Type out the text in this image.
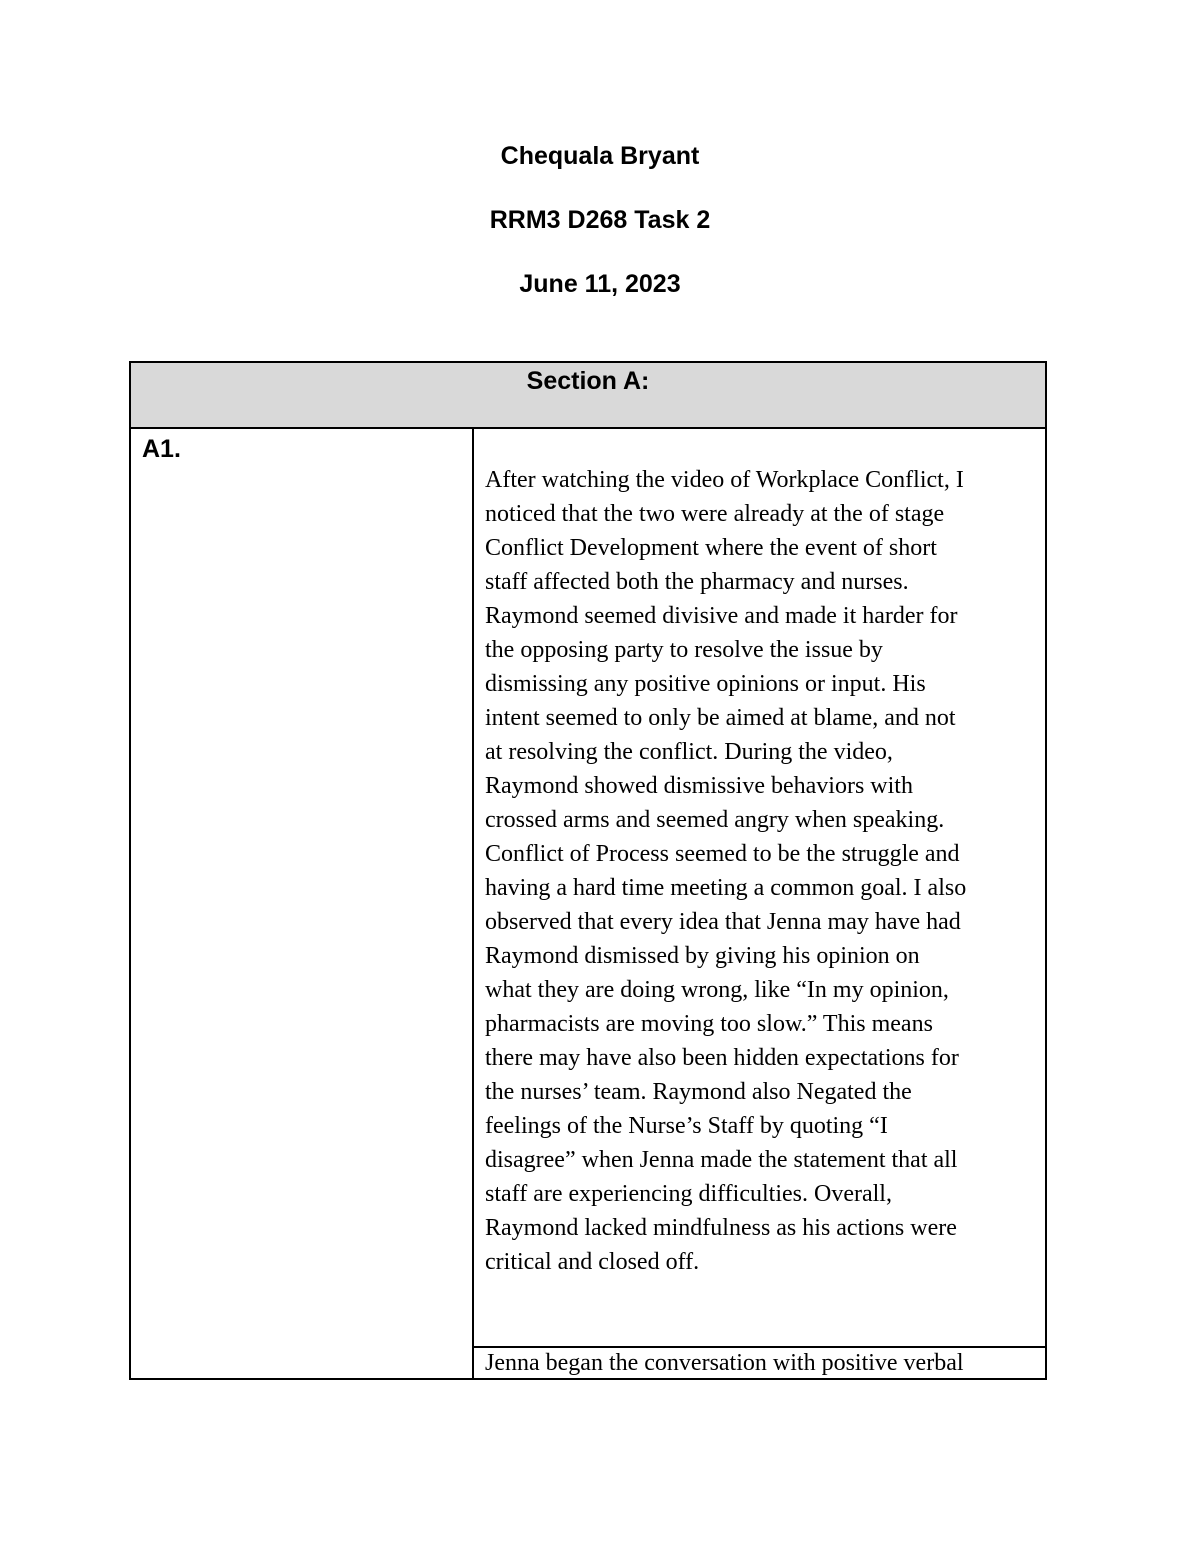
Chequala Bryant
RRM3 D268 Task 2
June 11, 2023
Section A:
A1.
After watching the video of Workplace Conflict, I
noticed that the two were already at the of stage
Conflict Development where the event of short
staff affected both the pharmacy and nurses.
Raymond seemed divisive and made it harder for
the opposing party to resolve the issue by
dismissing any positive opinions or input. His
intent seemed to only be aimed at blame, and not
at resolving the conflict. During the video,
Raymond showed dismissive behaviors with
crossed arms and seemed angry when speaking.
Conflict of Process seemed to be the struggle and
having a hard time meeting a common goal. I also
observed that every idea that Jenna may have had
Raymond dismissed by giving his opinion on
what they are doing wrong, like “In my opinion,
pharmacists are moving too slow.” This means
there may have also been hidden expectations for
the nurses’ team. Raymond also Negated the
feelings of the Nurse’s Staff by quoting “I
disagree” when Jenna made the statement that all
staff are experiencing difficulties. Overall,
Raymond lacked mindfulness as his actions were
critical and closed off.
Jenna began the conversation with positive verbal
